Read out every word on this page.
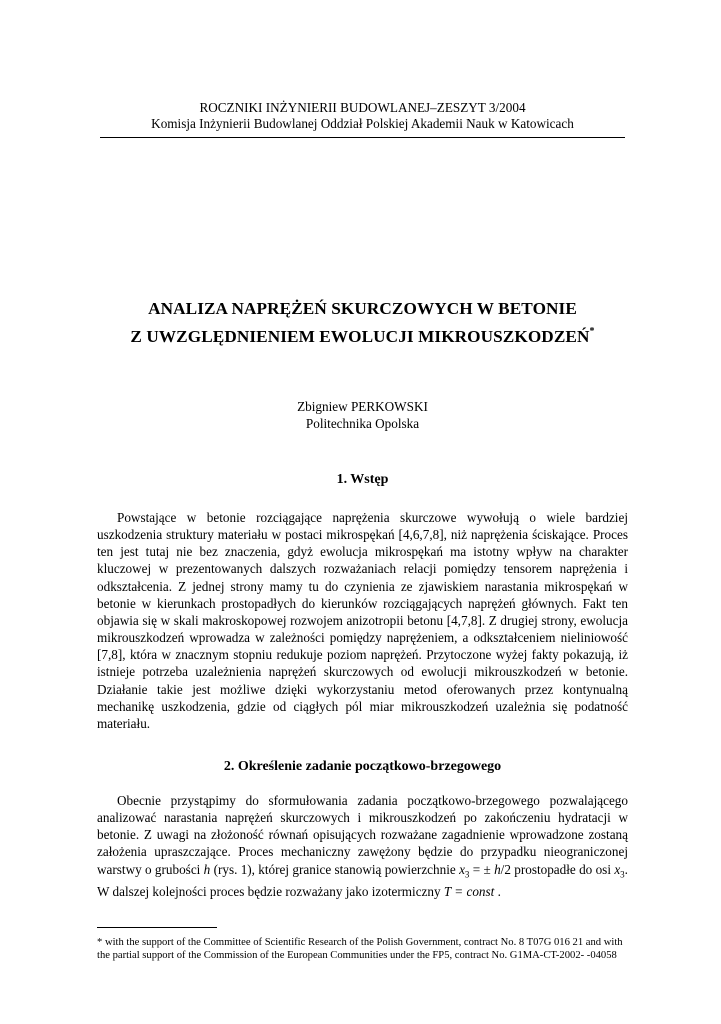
ROCZNIKI INŻYNIERII BUDOWLANEJ–ZESZYT 3/2004
Komisja Inżynierii Budowlanej Oddział Polskiej Akademii Nauk w Katowicach
ANALIZA NAPRĘŻEŃ SKURCZOWYCH W BETONIE
Z UWZGLĘDNIENIEM EWOLUCJI MIKROUSZKODZEŃ*
Zbigniew PERKOWSKI
Politechnika Opolska
1. Wstęp
Powstające w betonie rozciągające naprężenia skurczowe wywołują o wiele bardziej uszkodzenia struktury materiału w postaci mikrospękań [4,6,7,8], niż naprężenia ściskające. Proces ten jest tutaj nie bez znaczenia, gdyż ewolucja mikrospękań ma istotny wpływ na charakter kluczowej w prezentowanych dalszych rozważaniach relacji pomiędzy tensorem naprężenia i odkształcenia. Z jednej strony mamy tu do czynienia ze zjawiskiem narastania mikrospękań w betonie w kierunkach prostopadłych do kierunków rozciągających naprężeń głównych. Fakt ten objawia się w skali makroskopowej rozwojem anizotropii betonu [4,7,8]. Z drugiej strony, ewolucja mikrouszkodzeń wprowadza w zależności pomiędzy naprężeniem, a odkształceniem nieliniowość [7,8], która w znacznym stopniu redukuje poziom naprężeń. Przytoczone wyżej fakty pokazują, iż istnieje potrzeba uzależnienia naprężeń skurczowych od ewolucji mikrouszkodzeń w betonie. Działanie takie jest możliwe dzięki wykorzystaniu metod oferowanych przez kontynualną mechanikę uszkodzenia, gdzie od ciągłych pól miar mikrouszkodzeń uzależnia się podatność materiału.
2. Określenie zadanie początkowo-brzegowego
Obecnie przystąpimy do sformułowania zadania początkowo-brzegowego pozwalającego analizować narastania naprężeń skurczowych i mikrouszkodzeń po zakończeniu hydratacji w betonie. Z uwagi na złożoność równań opisujących rozważane zagadnienie wprowadzone zostaną założenia upraszczające. Proces mechaniczny zawężony będzie do przypadku nieograniczonej warstwy o grubości h (rys. 1), której granice stanowią powierzchnie $x_3$ = ± h/2 prostopadłe do osi $x_3$. W dalszej kolejności proces będzie rozważany jako izotermiczny T = const .
* with the support of the Committee of Scientific Research of the Polish Government, contract No. 8 T07G 016 21 and with the partial support of the Commission of the European Communities under the FP5, contract No. G1MA-CT-2002- -04058
